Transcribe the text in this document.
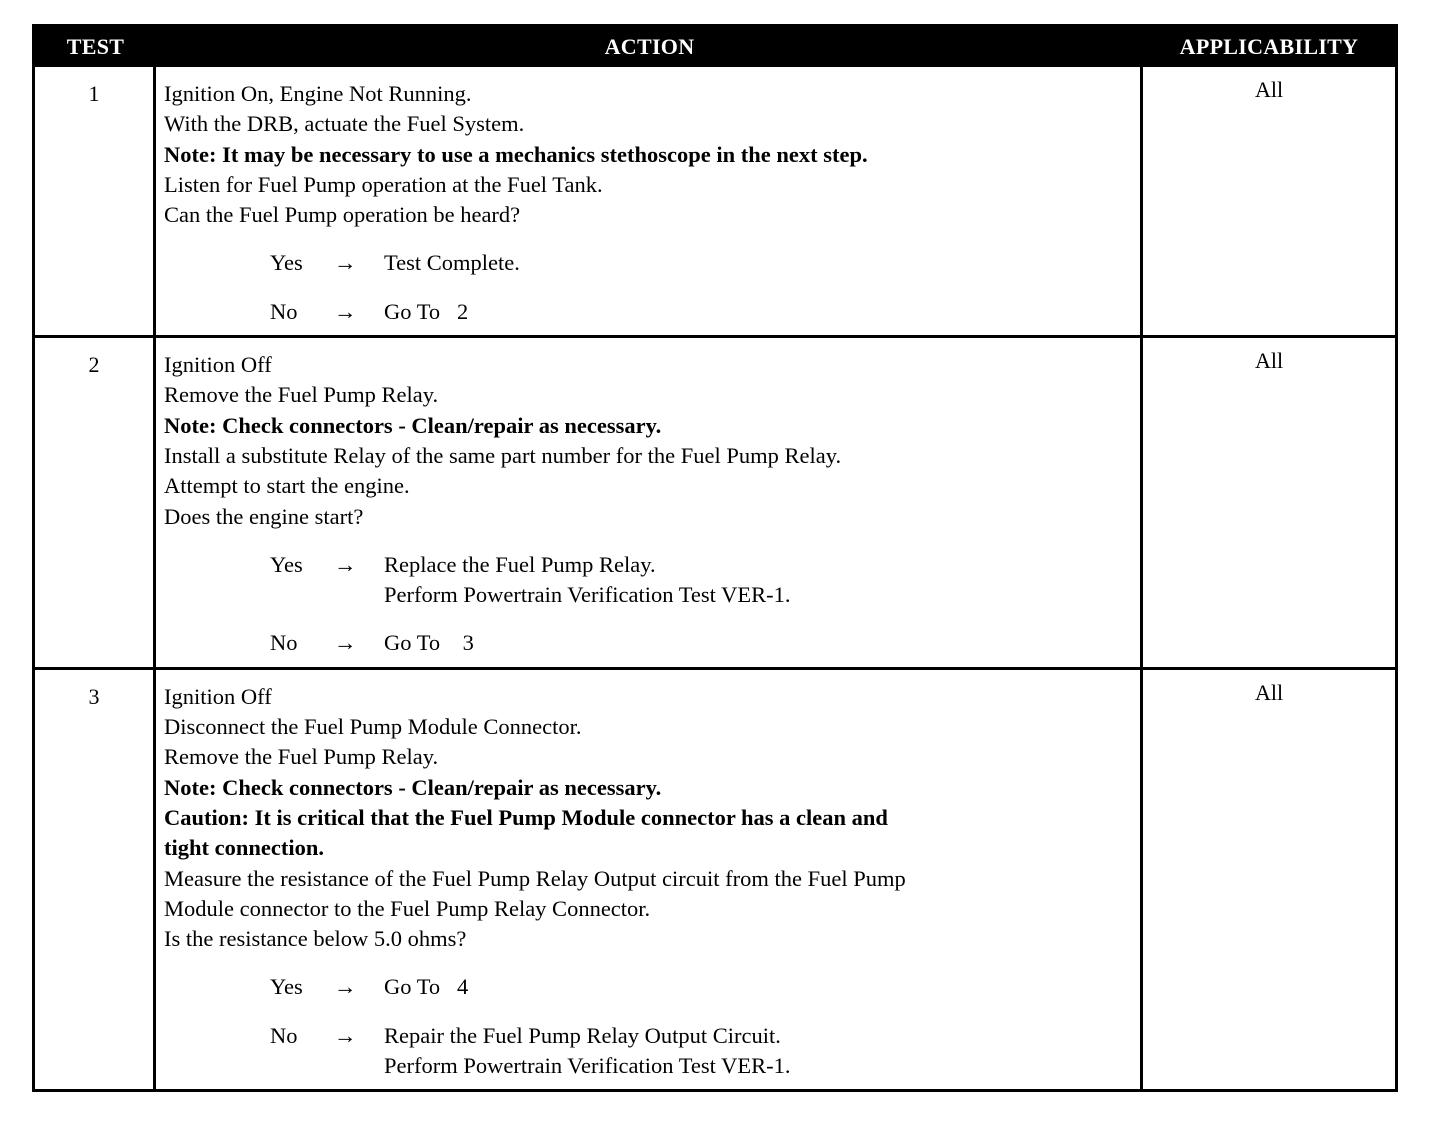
TEST	ACTION	APPLICABILITY
1	Ignition On, Engine Not Running.
With the DRB, actuate the Fuel System.
Note: It may be necessary to use a mechanics stethoscope in the next step.
Listen for Fuel Pump operation at the Fuel Tank.
Can the Fuel Pump operation be heard?
Yes	→	Test Complete.
No	→	Go To   2
All
2	Ignition Off
Remove the Fuel Pump Relay.
Note: Check connectors - Clean/repair as necessary.
Install a substitute Relay of the same part number for the Fuel Pump Relay.
Attempt to start the engine.
Does the engine start?
Yes	→	Replace the Fuel Pump Relay.
Perform Powertrain Verification Test VER-1.
No	→	Go To    3
All
3	Ignition Off
Disconnect the Fuel Pump Module Connector.
Remove the Fuel Pump Relay.
Note: Check connectors - Clean/repair as necessary.
Caution: It is critical that the Fuel Pump Module connector has a clean and
tight connection.
Measure the resistance of the Fuel Pump Relay Output circuit from the Fuel Pump
Module connector to the Fuel Pump Relay Connector.
Is the resistance below 5.0 ohms?
Yes	→	Go To   4
No	→	Repair the Fuel Pump Relay Output Circuit.
Perform Powertrain Verification Test VER-1.
All
